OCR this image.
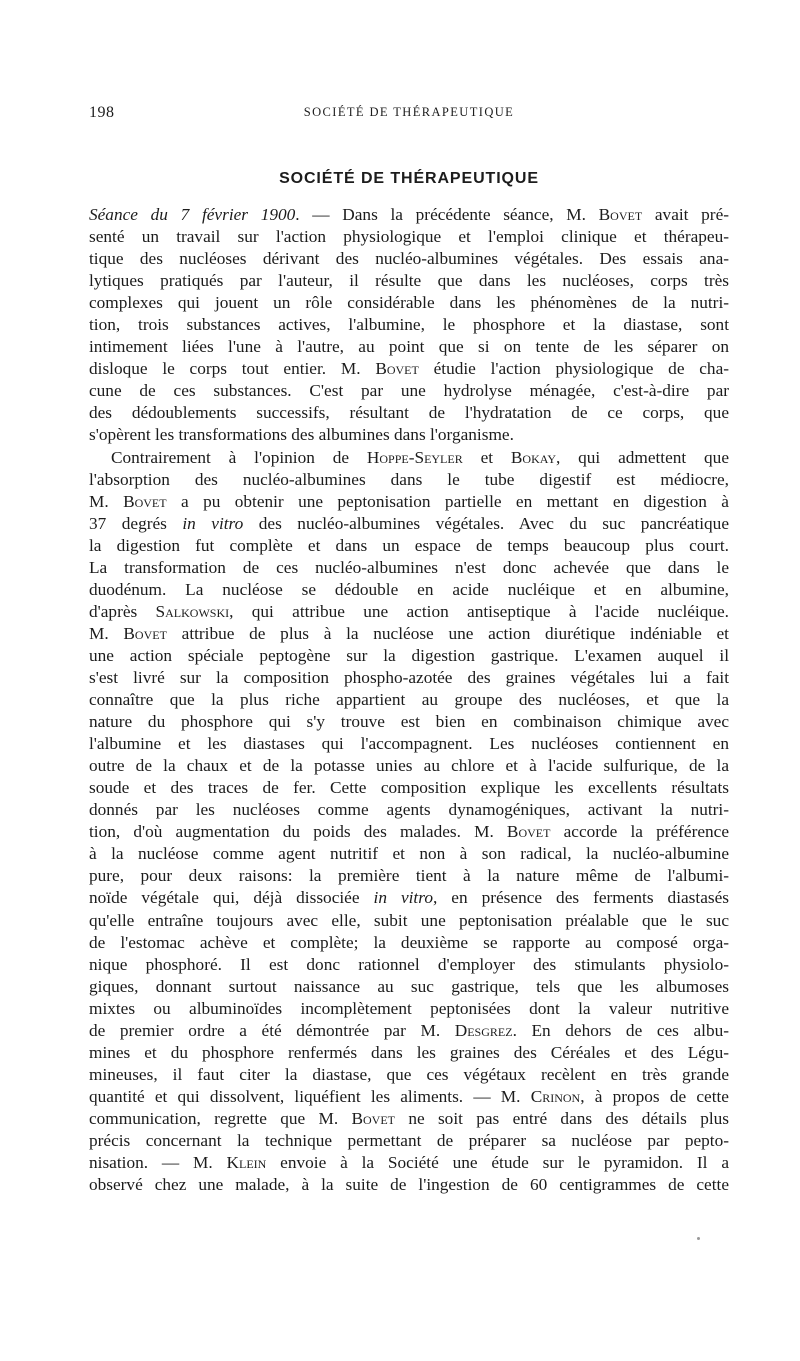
198	SOCIÉTÉ DE THÉRAPEUTIQUE
SOCIÉTÉ DE THÉRAPEUTIQUE
Séance du 7 février 1900. — Dans la précédente séance, M. Bovet avait pré-
senté un travail sur l'action physiologique et l'emploi clinique et thérapeu-
tique des nucléoses dérivant des nucléo-albumines végétales. Des essais ana-
lytiques pratiqués par l'auteur, il résulte que dans les nucléoses, corps très
complexes qui jouent un rôle considérable dans les phénomènes de la nutri-
tion, trois substances actives, l'albumine, le phosphore et la diastase, sont
intimement liées l'une à l'autre, au point que si on tente de les séparer on
disloque le corps tout entier. M. Bovet étudie l'action physiologique de cha-
cune de ces substances. C'est par une hydrolyse ménagée, c'est-à-dire par
des dédoublements successifs, résultant de l'hydratation de ce corps, que
s'opèrent les transformations des albumines dans l'organisme.
Contrairement à l'opinion de Hoppe-Seyler et Bokay, qui admettent que
l'absorption des nucléo-albumines dans le tube digestif est médiocre,
M. Bovet a pu obtenir une peptonisation partielle en mettant en digestion à
37 degrés in vitro des nucléo-albumines végétales. Avec du suc pancréatique
la digestion fut complète et dans un espace de temps beaucoup plus court.
La transformation de ces nucléo-albumines n'est donc achevée que dans le
duodénum. La nucléose se dédouble en acide nucléique et en albumine,
d'après Salkowski, qui attribue une action antiseptique à l'acide nucléique.
M. Bovet attribue de plus à la nucléose une action diurétique indéniable et
une action spéciale peptogène sur la digestion gastrique. L'examen auquel il
s'est livré sur la composition phospho-azotée des graines végétales lui a fait
connaître que la plus riche appartient au groupe des nucléoses, et que la
nature du phosphore qui s'y trouve est bien en combinaison chimique avec
l'albumine et les diastases qui l'accompagnent. Les nucléoses contiennent en
outre de la chaux et de la potasse unies au chlore et à l'acide sulfurique, de la
soude et des traces de fer. Cette composition explique les excellents résultats
donnés par les nucléoses comme agents dynamogéniques, activant la nutri-
tion, d'où augmentation du poids des malades. M. Bovet accorde la préférence
à la nucléose comme agent nutritif et non à son radical, la nucléo-albumine
pure, pour deux raisons: la première tient à la nature même de l'albumi-
noïde végétale qui, déjà dissociée in vitro, en présence des ferments diastasés
qu'elle entraîne toujours avec elle, subit une peptonisation préalable que le suc
de l'estomac achève et complète; la deuxième se rapporte au composé orga-
nique phosphoré. Il est donc rationnel d'employer des stimulants physiolo-
giques, donnant surtout naissance au suc gastrique, tels que les albumoses
mixtes ou albuminoïdes incomplètement peptonisées dont la valeur nutritive
de premier ordre a été démontrée par M. Desgrez. En dehors de ces albu-
mines et du phosphore renfermés dans les graines des Céréales et des Légu-
mineuses, il faut citer la diastase, que ces végétaux recèlent en très grande
quantité et qui dissolvent, liquéfient les aliments. — M. Crinon, à propos de cette
communication, regrette que M. Bovet ne soit pas entré dans des détails plus
précis concernant la technique permettant de préparer sa nucléose par pepto-
nisation. — M. Klein envoie à la Société une étude sur le pyramidon. Il a
observé chez une malade, à la suite de l'ingestion de 60 centigrammes de cette
